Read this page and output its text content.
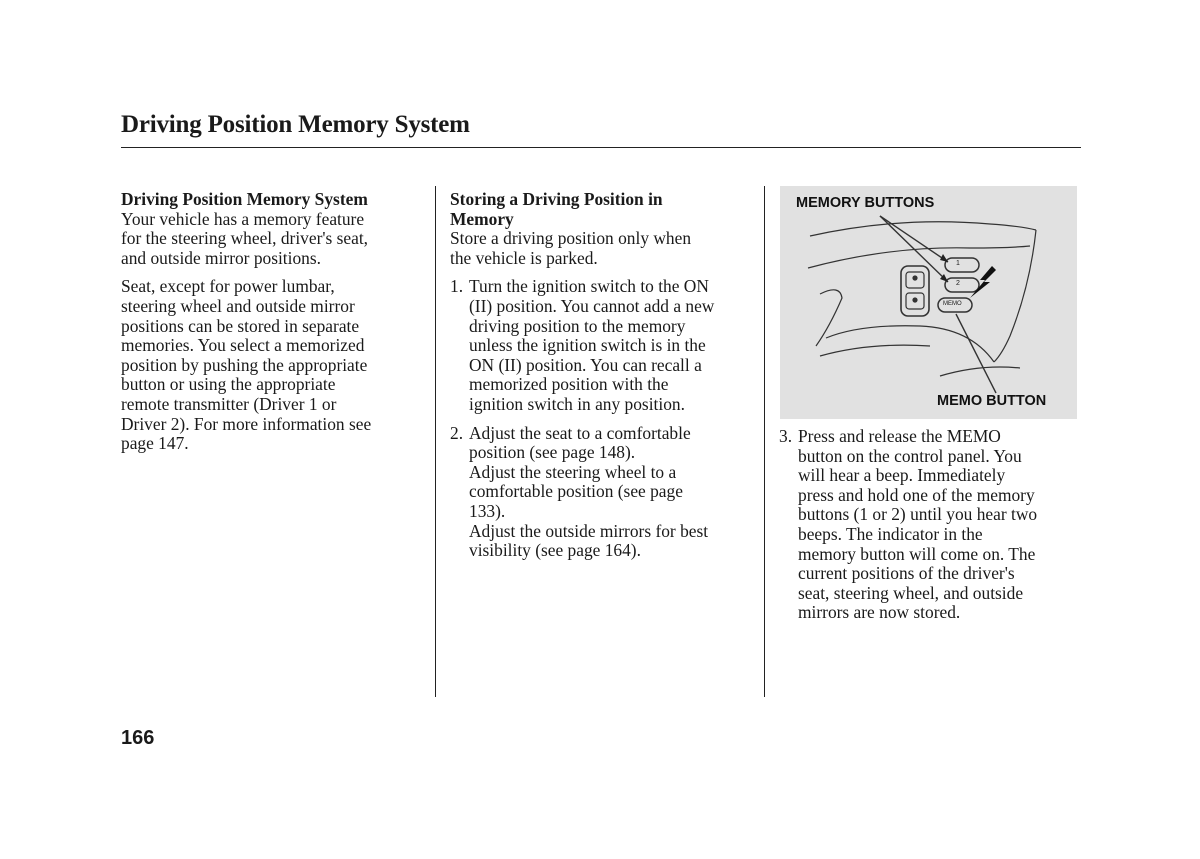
Driving Position Memory System

Driving Position Memory System

Your vehicle has a memory feature
for the steering wheel, driver's seat,
and outside mirror positions.

Seat, except for power lumbar,
steering wheel and outside mirror
positions can be stored in separate
memories. You select a memorized
position by pushing the appropriate
button or using the appropriate
remote transmitter (Driver 1 or
Driver 2). For more information see
page 147.

Storing a Driving Position in
Memory

Store a driving position only when
the vehicle is parked.

1. Turn the ignition switch to the ON
(II) position. You cannot add a new
driving position to the memory
unless the ignition switch is in the
ON (II) position. You can recall a
memorized position with the
ignition switch in any position.
2. Adjust the seat to a comfortable
position (see page 148).
Adjust the steering wheel to a
comfortable position (see page
133).
Adjust the outside mirrors for best
visibility (see page 164).
MEMORY BUTTONS
MEMO BUTTON
1
2
MEMO
3. Press and release the MEMO
button on the control panel. You
will hear a beep. Immediately
press and hold one of the memory
buttons (1 or 2) until you hear two
beeps. The indicator in the
memory button will come on. The
current positions of the driver's
seat, steering wheel, and outside
mirrors are now stored.
166
